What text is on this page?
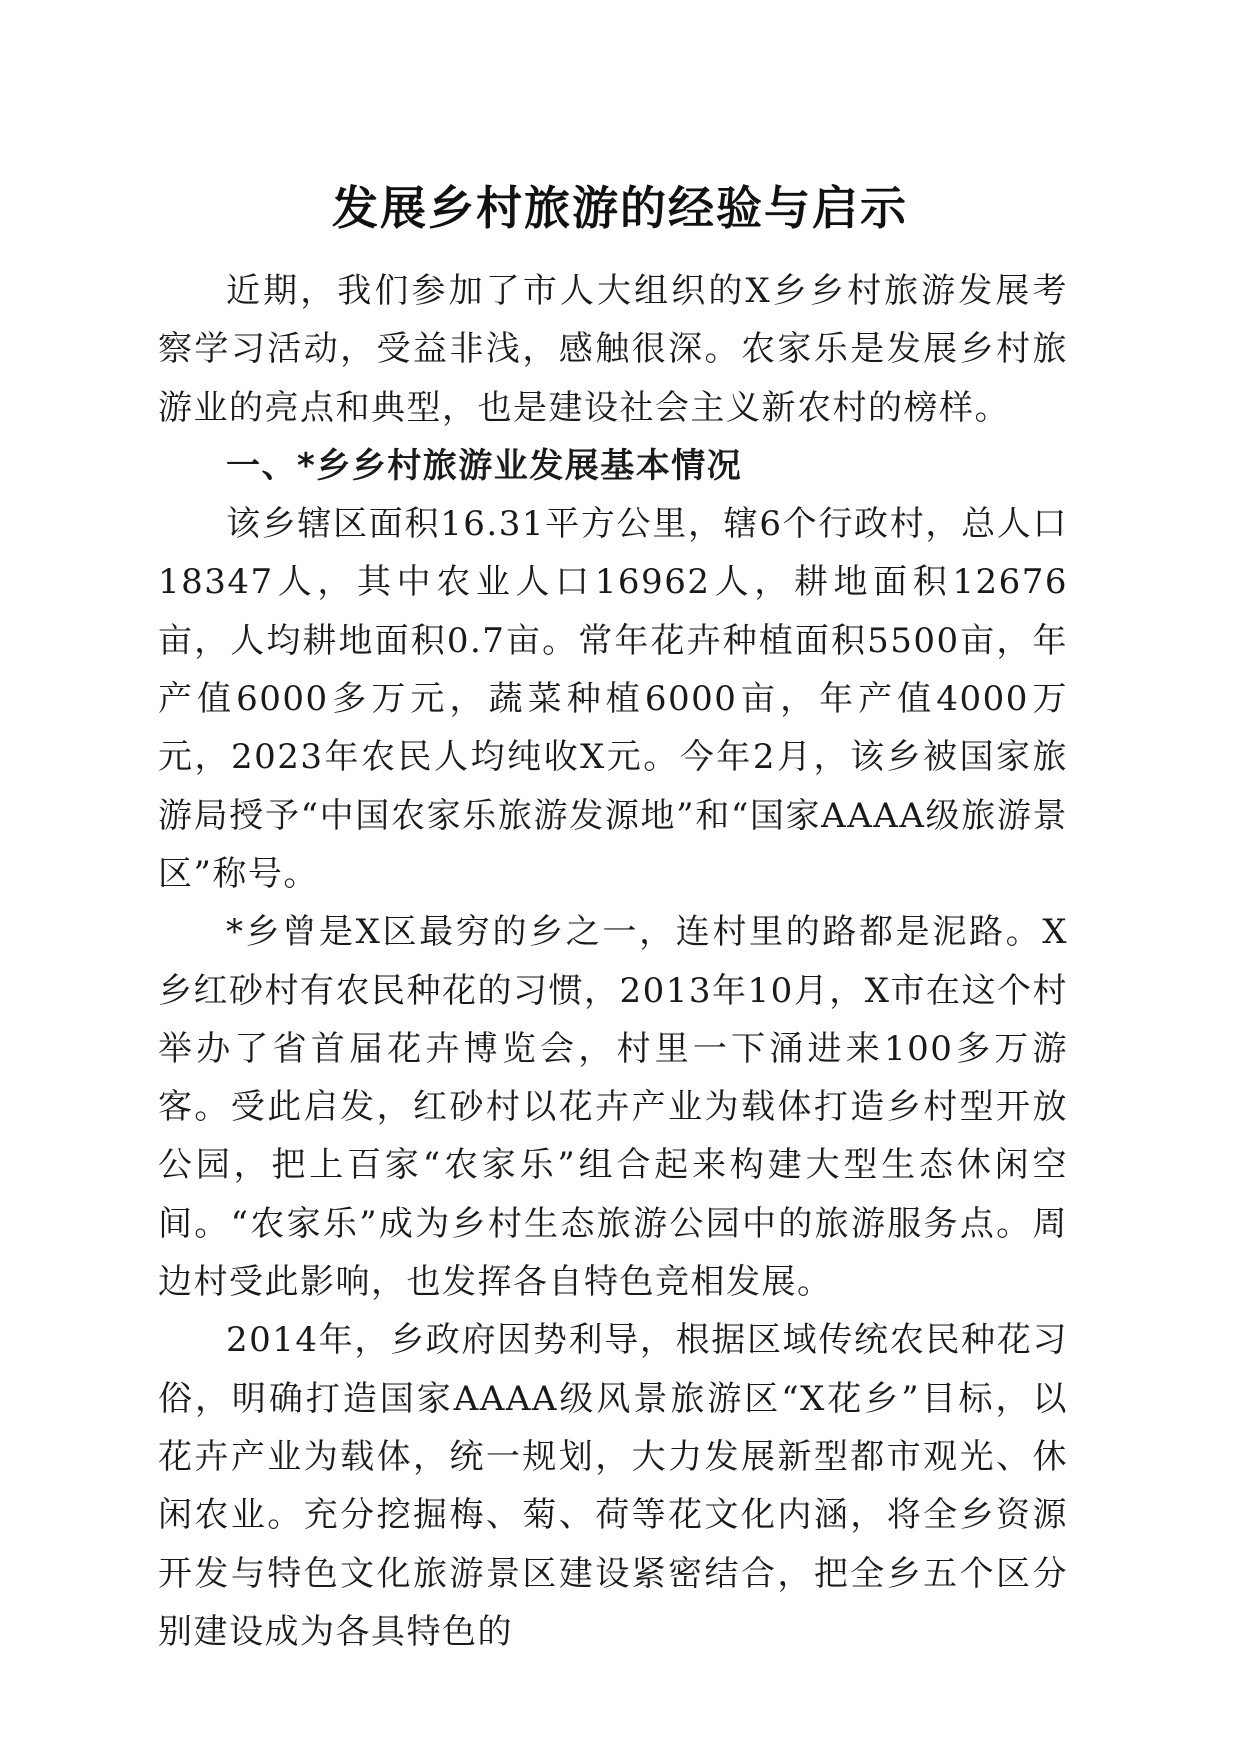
发展乡村旅游的经验与启示

近期，我们参加了市人大组织的X乡乡村旅游发展考察学习活动，受益非浅，感触很深。农家乐是发展乡村旅游业的亮点和典型，也是建设社会主义新农村的榜样。

一、*乡乡村旅游业发展基本情况

该乡辖区面积16.31平方公里，辖6个行政村，总人口18347人，其中农业人口16962人，耕地面积12676亩，人均耕地面积0.7亩。常年花卉种植面积5500亩，年产值6000多万元，蔬菜种植6000亩，年产值4000万元，2023年农民人均纯收X元。今年2月，该乡被国家旅游局授予“中国农家乐旅游发源地”和“国家AAAA级旅游景区”称号。

*乡曾是X区最穷的乡之一，连村里的路都是泥路。X乡红砂村有农民种花的习惯，2013年10月，X市在这个村举办了省首届花卉博览会，村里一下涌进来100多万游客。受此启发，红砂村以花卉产业为载体打造乡村型开放公园，把上百家“农家乐”组合起来构建大型生态休闲空间。“农家乐”成为乡村生态旅游公园中的旅游服务点。周边村受此影响，也发挥各自特色竞相发展。

2014年，乡政府因势利导，根据区域传统农民种花习俗，明确打造国家AAAA级风景旅游区“X花乡”目标，以花卉产业为载体，统一规划，大力发展新型都市观光、休闲农业。充分挖掘梅、菊、荷等花文化内涵，将全乡资源开发与特色文化旅游景区建设紧密结合，把全乡五个区分别建设成为各具特色的
